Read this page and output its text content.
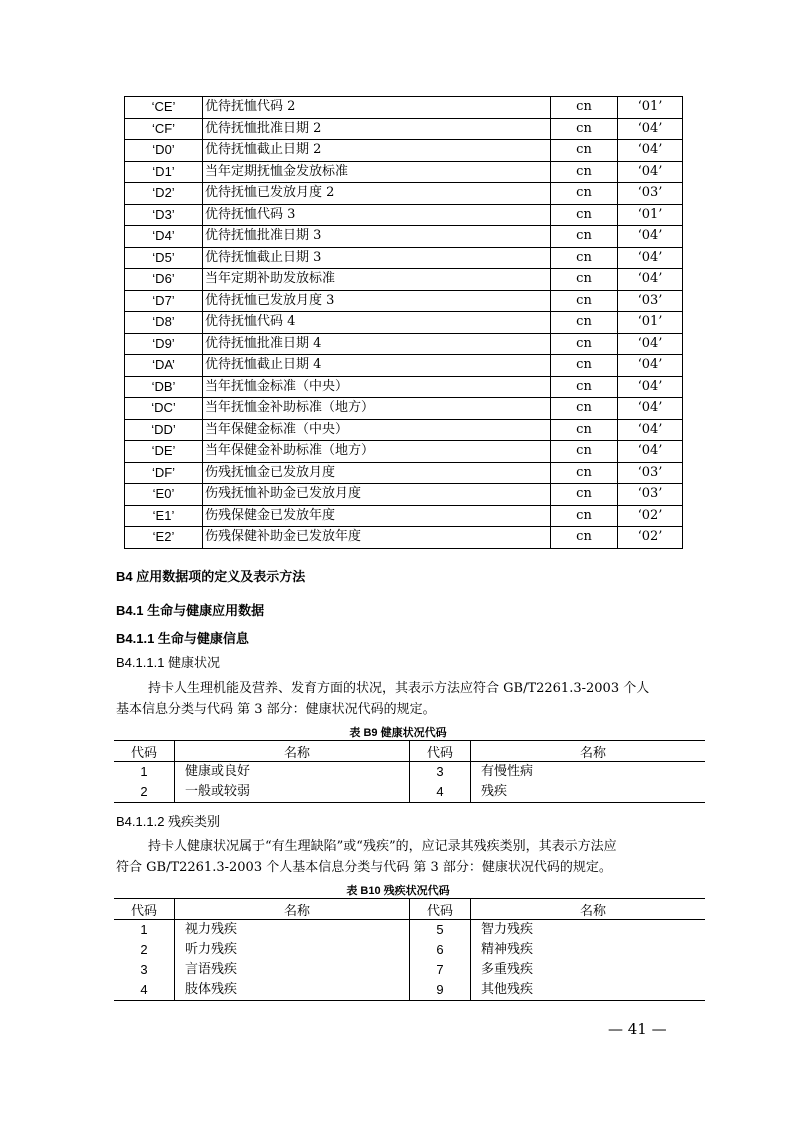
‘CE’	优待抚恤代码 2	cn	‘01’
‘CF’	优待抚恤批准日期 2	cn	‘04’
‘D0’	优待抚恤截止日期 2	cn	‘04’
‘D1’	当年定期抚恤金发放标准	cn	‘04’
‘D2’	优待抚恤已发放月度 2	cn	‘03’
‘D3’	优待抚恤代码 3	cn	‘01’
‘D4’	优待抚恤批准日期 3	cn	‘04’
‘D5’	优待抚恤截止日期 3	cn	‘04’
‘D6’	当年定期补助发放标准	cn	‘04’
‘D7’	优待抚恤已发放月度 3	cn	‘03’
‘D8’	优待抚恤代码 4	cn	‘01’
‘D9’	优待抚恤批准日期 4	cn	‘04’
‘DA’	优待抚恤截止日期 4	cn	‘04’
‘DB’	当年抚恤金标准（中央）	cn	‘04’
‘DC’	当年抚恤金补助标准（地方）	cn	‘04’
‘DD’	当年保健金标准（中央）	cn	‘04’
‘DE’	当年保健金补助标准（地方）	cn	‘04’
‘DF’	伤残抚恤金已发放月度	cn	‘03’
‘E0’	伤残抚恤补助金已发放月度	cn	‘03’
‘E1’	伤残保健金已发放年度	cn	‘02’
‘E2’	伤残保健补助金已发放年度	cn	‘02’
B4 应用数据项的定义及表示方法
B4.1 生命与健康应用数据
B4.1.1 生命与健康信息
B4.1.1.1 健康状况
持卡人生理机能及营养、发育方面的状况，其表示方法应符合 GB/T2261.3-2003 个人
基本信息分类与代码 第 3 部分：健康状况代码的规定。
表 B9 健康状况代码
代码	名称	代码	名称
1	健康或良好	3	有慢性病
2	一般或较弱	4	残疾
B4.1.1.2 残疾类别
持卡人健康状况属于“有生理缺陷”或“残疾”的，应记录其残疾类别，其表示方法应
符合 GB/T2261.3-2003 个人基本信息分类与代码 第 3 部分：健康状况代码的规定。
表 B10 残疾状况代码
代码	名称	代码	名称
1	视力残疾	5	智力残疾
2	听力残疾	6	精神残疾
3	言语残疾	7	多重残疾
4	肢体残疾	9	其他残疾
— 41 —
